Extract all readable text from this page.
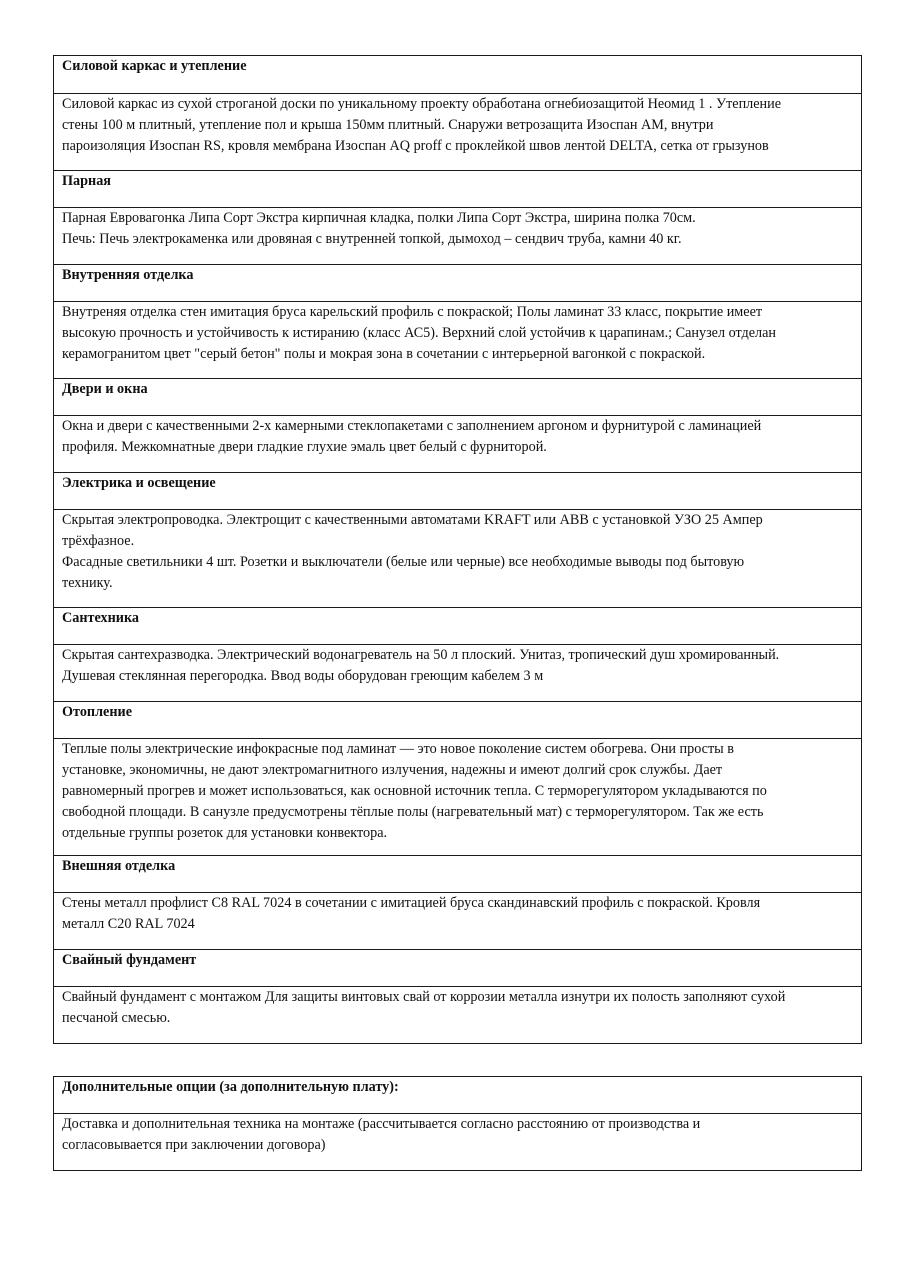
Силовой каркас и утепление

Силовой каркас из сухой строганой доски по уникальному проекту обработана огнебиозащитой Неомид 1 . Утепление
стены 100 м плитный, утепление пол и крыша 150мм плитный. Снаружи ветрозащита Изоспан АМ, внутри
пароизоляция Изоспан RS, кровля мембрана Изоспан AQ proff с проклейкой швов лентой DELTA, сетка от грызунов

Парная

Парная Евровагонка Липа Сорт Экстра кирпичная кладка, полки Липа Сорт Экстра, ширина полка 70см.
Печь: Печь электрокаменка или дровяная с внутренней топкой, дымоход – сендвич труба, камни 40 кг.

Внутренняя отделка

Внутреняя отделка стен имитация бруса карельский профиль с покраской; Полы ламинат 33 класс, покрытие имеет
высокую прочность и устойчивость к истиранию (класс АС5). Верхний слой устойчив к царапинам.; Санузел отделан
керамогранитом цвет "серый бетон" полы и мокрая зона в сочетании с интерьерной вагонкой с покраской.

Двери и окна

Окна и двери с качественными 2-х камерными стеклопакетами с заполнением аргоном и фурнитурой с ламинацией
профиля. Межкомнатные двери гладкие глухие эмаль цвет белый с фурниторой.

Электрика и освещение

Скрытая электропроводка. Электрощит с качественными автоматами KRAFT или ABB с установкой УЗО 25 Ампер
трёхфазное.
Фасадные светильники 4 шт. Розетки и выключатели (белые или черные) все необходимые выводы под бытовую
технику.

Сантехника

Скрытая сантехразводка. Электрический водонагреватель на 50 л плоский. Унитаз, тропический душ хромированный.
Душевая стеклянная перегородка. Ввод воды оборудован греющим кабелем 3 м

Отопление

Теплые полы электрические инфокрасные под ламинат — это новое поколение систем обогрева. Они просты в
установке, экономичны, не дают электромагнитного излучения, надежны и имеют долгий срок службы. Дает
равномерный прогрев и может использоваться, как основной источник тепла. С терморегулятором укладываются по
свободной площади. В санузле предусмотрены тёплые полы (нагревательный мат) с терморегулятором. Так же есть
отдельные группы розеток для установки конвектора.

Внешняя отделка

Стены металл профлист С8 RAL 7024 в сочетании с имитацией бруса скандинавский профиль с покраской. Кровля
металл С20 RAL 7024

Свайный фундамент

Свайный фундамент с монтажом Для защиты винтовых свай от коррозии металла изнутри их полость заполняют сухой
песчаной смесью.
Дополнительные опции (за дополнительную плату):

Доставка и дополнительная техника на монтаже (рассчитывается согласно расстоянию от производства и
согласовывается при заключении договора)
